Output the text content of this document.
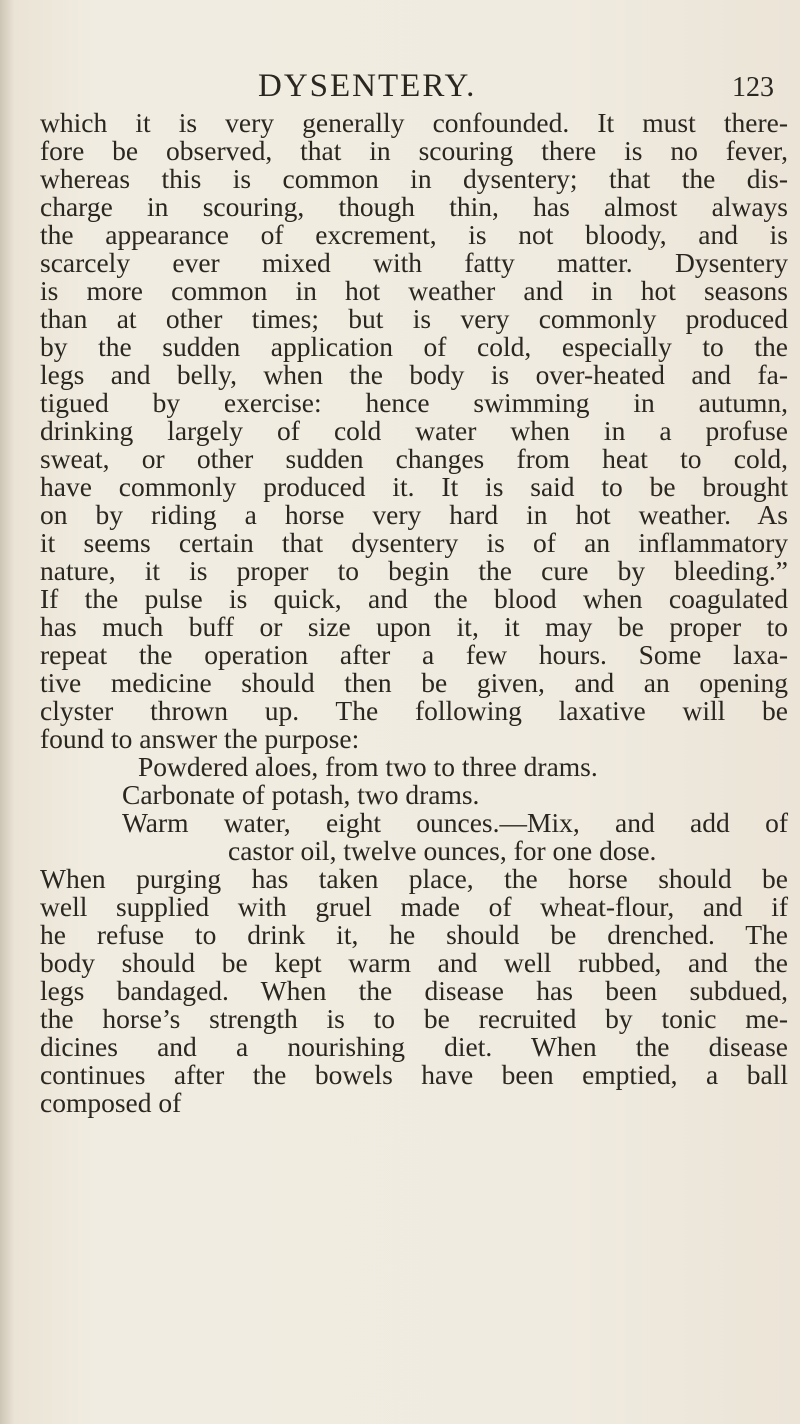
DYSENTERY.	123
which it is very generally confounded. It must there-
fore be observed, that in scouring there is no fever,
whereas this is common in dysentery; that the dis-
charge in scouring, though thin, has almost always
the appearance of excrement, is not bloody, and is
scarcely ever mixed with fatty matter. Dysentery
is more common in hot weather and in hot seasons
than at other times; but is very commonly produced
by the sudden application of cold, especially to the
legs and belly, when the body is over-heated and fa-
tigued by exercise: hence swimming in autumn,
drinking largely of cold water when in a profuse
sweat, or other sudden changes from heat to cold,
have commonly produced it. It is said to be brought
on by riding a horse very hard in hot weather. As
it seems certain that dysentery is of an inflammatory
nature, it is proper to begin the cure by bleeding.”
If the pulse is quick, and the blood when coagulated
has much buff or size upon it, it may be proper to
repeat the operation after a few hours. Some laxa-
tive medicine should then be given, and an opening
clyster thrown up. The following laxative will be
found to answer the purpose:
Powdered aloes, from two to three drams.
Carbonate of potash, two drams.
Warm water, eight ounces.—Mix, and add of
castor oil, twelve ounces, for one dose.
When purging has taken place, the horse should be
well supplied with gruel made of wheat-flour, and if
he refuse to drink it, he should be drenched. The
body should be kept warm and well rubbed, and the
legs bandaged. When the disease has been subdued,
the horse’s strength is to be recruited by tonic me-
dicines and a nourishing diet. When the disease
continues after the bowels have been emptied, a ball
composed of
